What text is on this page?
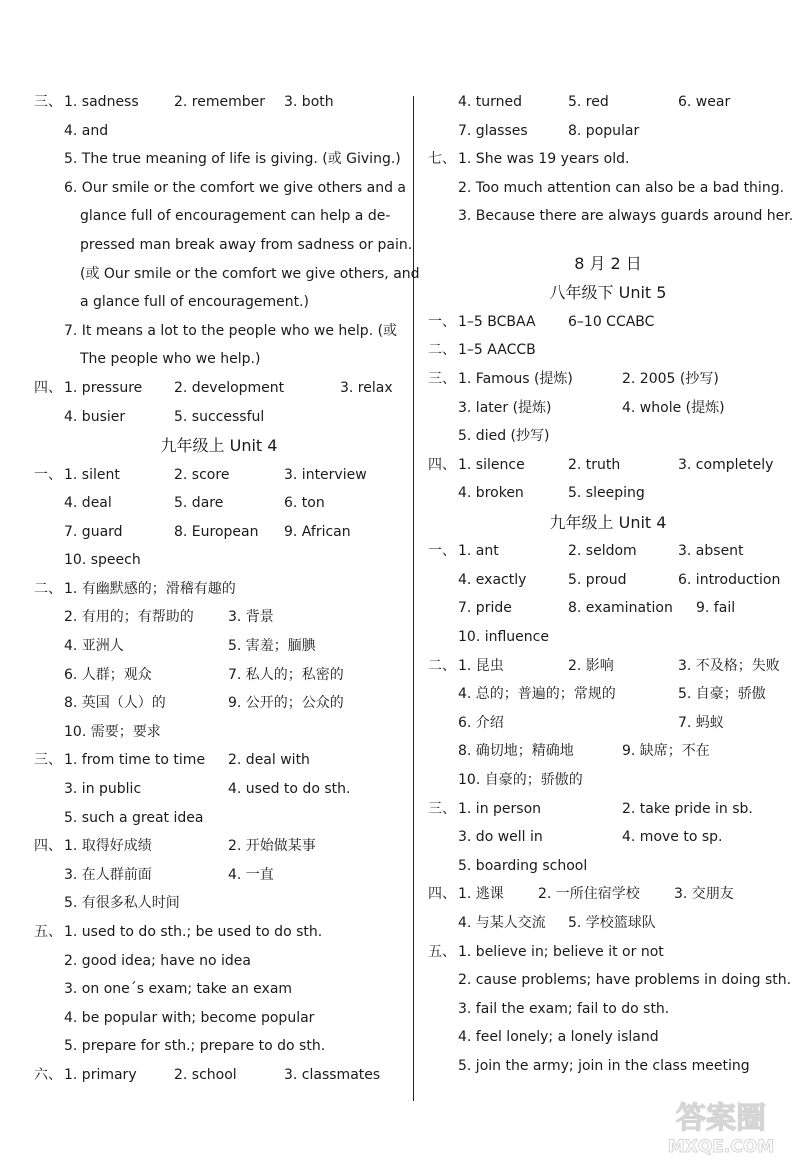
三、 1. sadness	2. remember 3. both
4. and
5. The true meaning of life is giving. (或 Giving.)
6. Our smile or the comfort we give others and a
glance full of encouragement can help a de-
pressed man break away from sadness or pain.
(或 Our smile or the comfort we give others, and
a glance full of encouragement.)
7. It means a lot to the people who we help. (或
The people who we help.)
四、 1. pressure 2. development	3. relax
4. busier	5. successful
九年级上 Unit 4
一、 1. silent	2. score	3. interview
4. deal	5. dare	6. ton
7. guard	8. European 9. African
10. speech
二、 1. 有幽默感的；滑稽有趣的
2. 有用的；有帮助的 3. 背景
4. 亚洲人	5. 害羞；腼腆
6. 人群；观众	7. 私人的；私密的
8. 英国（人）的	9. 公开的；公众的
10. 需要；要求
三、 1. from time to time 2. deal with
3. in public	4. used to do sth.
5. such a great idea
四、 1. 取得好成绩	2. 开始做某事
3. 在人群前面	4. 一直
5. 有很多私人时间
五、 1. used to do sth.; be used to do sth.
2. good idea; have no idea
3. on one´s exam; take an exam
4. be popular with; become popular
5. prepare for sth.; prepare to do sth.
六、 1. primary	2. school	3. classmates
4. turned	5. red	6. wear
7. glasses	8. popular
七、 1. She was 19 years old.
2. Too much attention can also be a bad thing.
3. Because there are always guards around her.
8 月 2 日
八年级下 Unit 5
一、 1–5 BCBAA 6–10 CCABC
二、 1–5 AACCB
三、 1. Famous (提炼)	2. 2005 (抄写)
3. later (提炼)	4. whole (提炼)
5. died (抄写)
四、 1. silence	2. truth	3. completely
4. broken	5. sleeping
九年级上 Unit 4
一、 1. ant	2. seldom	3. absent
4. exactly	5. proud	6. introduction
7. pride	8. examination 9. fail
10. influence
二、 1. 昆虫	2. 影响	3. 不及格；失败
4. 总的；普遍的；常规的	5. 自豪；骄傲
6. 介绍	7. 蚂蚁
8. 确切地；精确地	9. 缺席；不在
10. 自豪的；骄傲的
三、 1. in person	2. take pride in sb.
3. do well in	4. move to sp.
5. boarding school
四、 1. 逃课 2. 一所住宿学校 3. 交朋友
4. 与某人交流 5. 学校篮球队
五、 1. believe in; believe it or not
2. cause problems; have problems in doing sth.
3. fail the exam; fail to do sth.
4. feel lonely; a lonely island
5. join the army; join in the class meeting
答案圈
MXQE.COM
